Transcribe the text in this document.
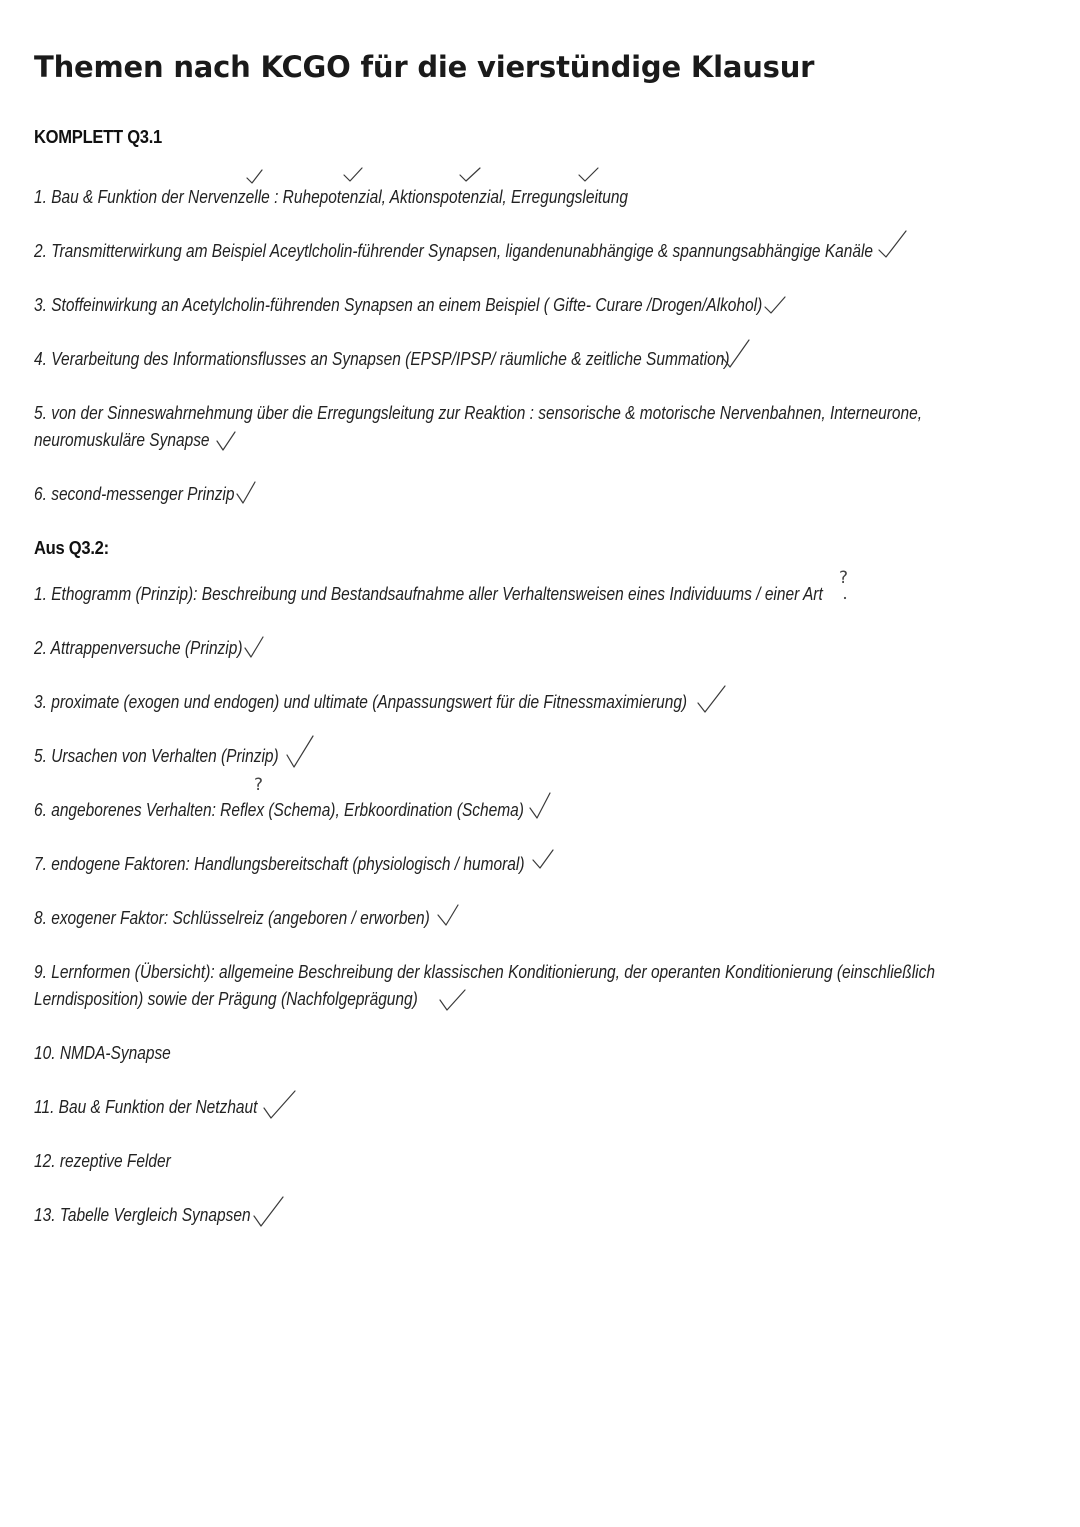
Themen nach KCGO für die vierstündige Klausur
KOMPLETT Q3.1
1. Bau & Funktion der Nervenzelle : Ruhepotenzial, Aktionspotenzial, Erregungsleitung
2. Transmitterwirkung am Beispiel Aceytlcholin-führender Synapsen, ligandenunabhängige & spannungsabhängige Kanäle
3. Stoffeinwirkung an Acetylcholin-führenden Synapsen an einem Beispiel ( Gifte- Curare /Drogen/Alkohol)
4. Verarbeitung des Informationsflusses an Synapsen (EPSP/IPSP/ räumliche & zeitliche Summation)
5. von der Sinneswahrnehmung über die Erregungsleitung zur Reaktion : sensorische & motorische Nervenbahnen, Interneurone,
neuromuskuläre Synapse
6. second-messenger Prinzip
Aus Q3.2:
1. Ethogramm (Prinzip): Beschreibung und Bestandsaufnahme aller Verhaltensweisen eines Individuums / einer Art
2. Attrappenversuche (Prinzip)
3. proximate (exogen und endogen) und ultimate (Anpassungswert für die Fitnessmaximierung)
5. Ursachen von Verhalten (Prinzip)
6. angeborenes Verhalten: Reflex (Schema), Erbkoordination (Schema)
7. endogene Faktoren: Handlungsbereitschaft (physiologisch / humoral)
8. exogener Faktor: Schlüsselreiz (angeboren / erworben)
9. Lernformen (Übersicht): allgemeine Beschreibung der klassischen Konditionierung, der operanten Konditionierung (einschließlich
Lerndisposition) sowie der Prägung (Nachfolgeprägung)
10. NMDA-Synapse
11. Bau & Funktion der Netzhaut
12. rezeptive Felder
13. Tabelle Vergleich Synapsen
?
?
